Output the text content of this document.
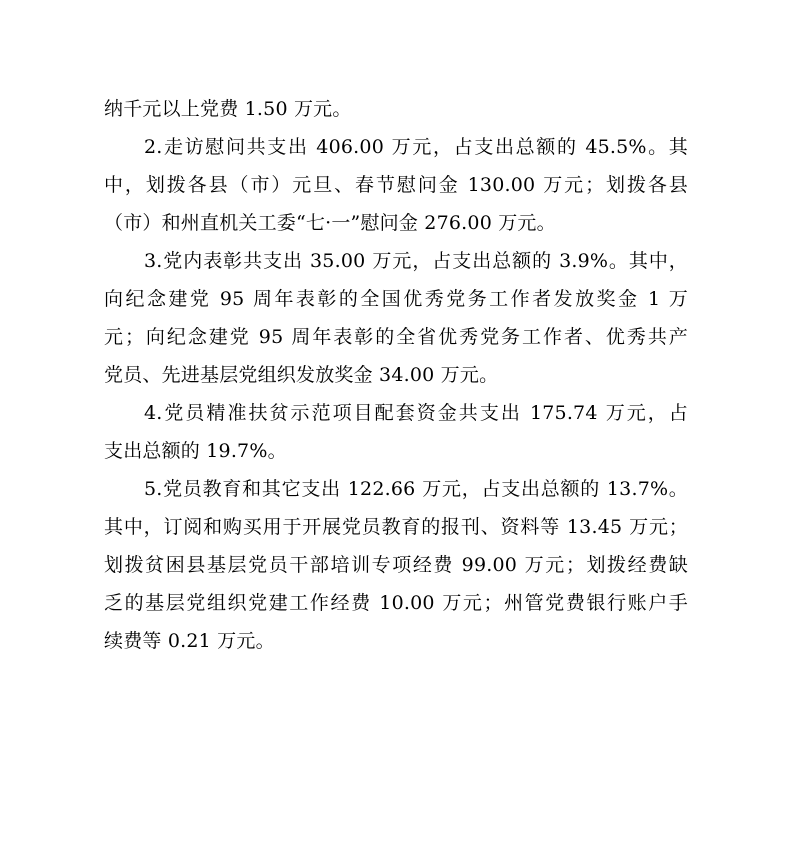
纳千元以上党费 1.50 万元。
2.走访慰问共支出 406.00 万元，占支出总额的 45.5%。其
中，划拨各县（市）元旦、春节慰问金 130.00 万元；划拨各县
（市）和州直机关工委“七·一”慰问金 276.00 万元。
3.党内表彰共支出 35.00 万元，占支出总额的 3.9%。其中，
向纪念建党 95 周年表彰的全国优秀党务工作者发放奖金 1 万
元；向纪念建党 95 周年表彰的全省优秀党务工作者、优秀共产
党员、先进基层党组织发放奖金 34.00 万元。
4.党员精准扶贫示范项目配套资金共支出 175.74 万元，占
支出总额的 19.7%。
5.党员教育和其它支出 122.66 万元，占支出总额的 13.7%。
其中，订阅和购买用于开展党员教育的报刊、资料等 13.45 万元；
划拨贫困县基层党员干部培训专项经费 99.00 万元；划拨经费缺
乏的基层党组织党建工作经费 10.00 万元；州管党费银行账户手
续费等 0.21 万元。
